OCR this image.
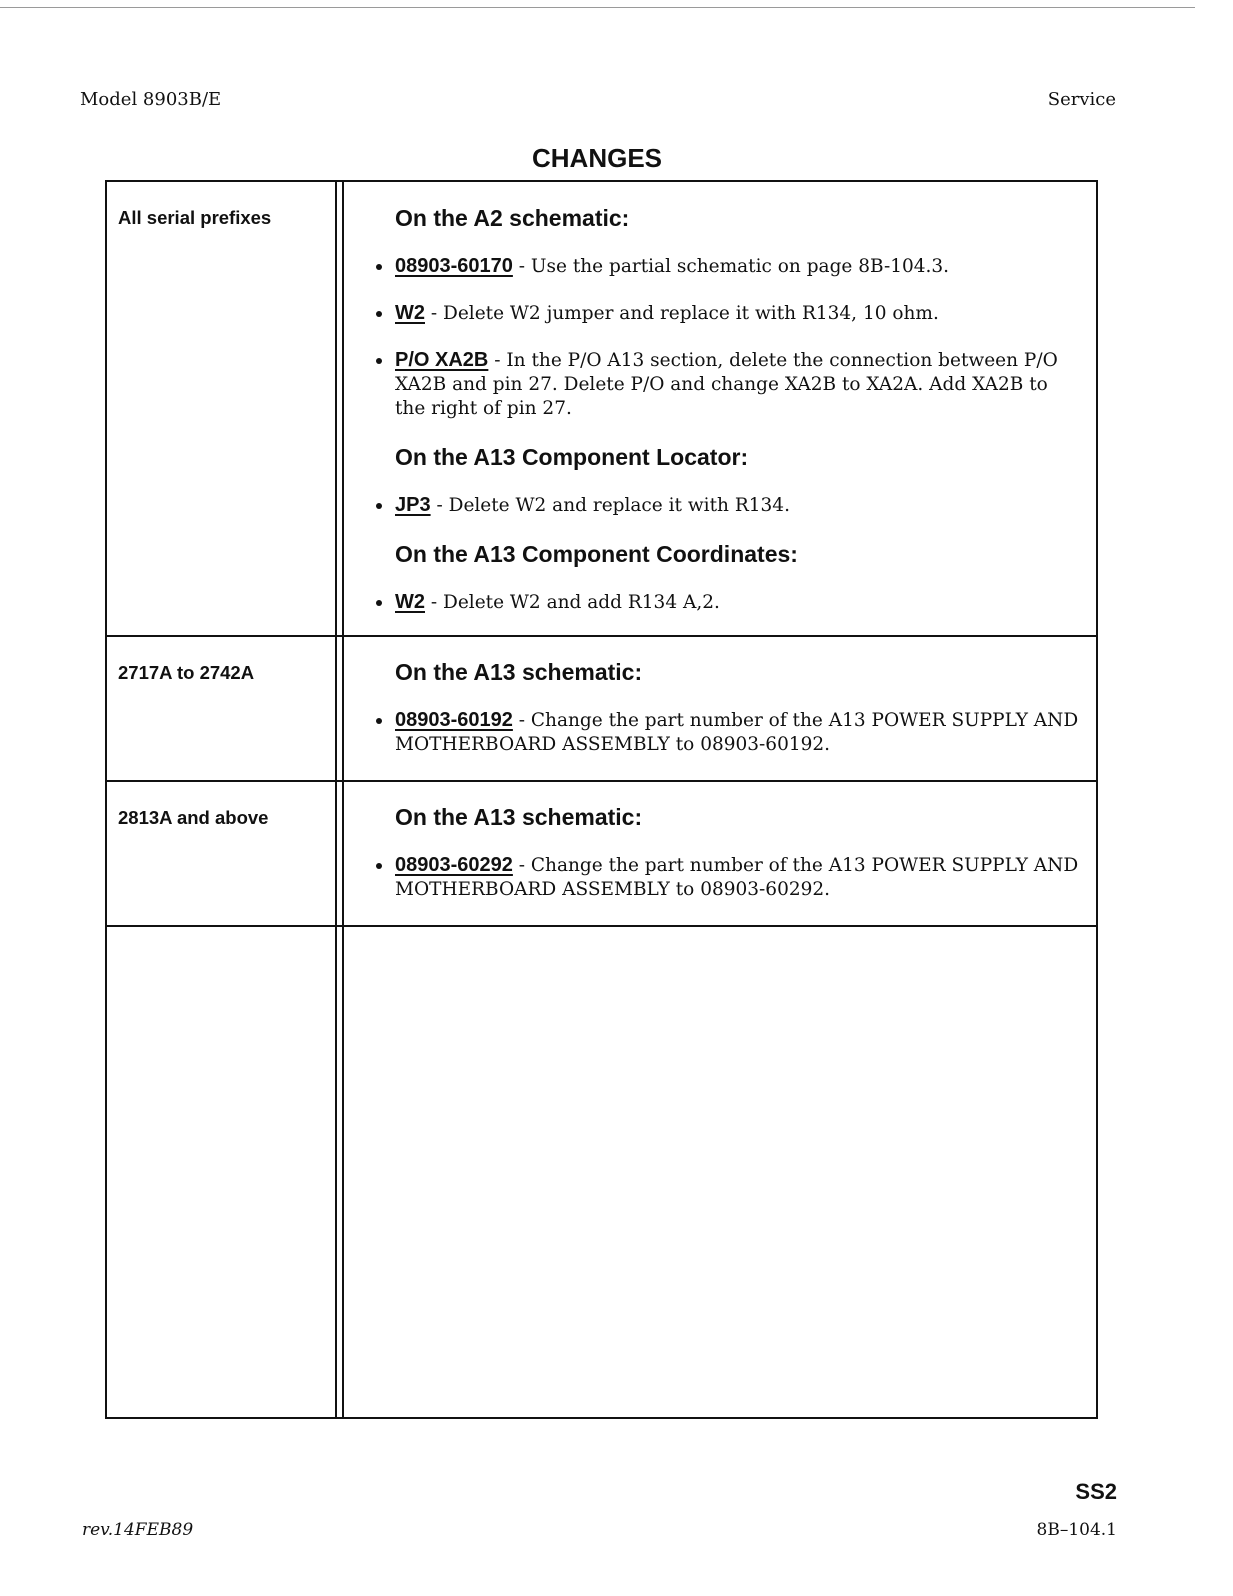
Model 8903B/E	Service
CHANGES
All serial prefixes	On the A2 schematic:
08903-60170 - Use the partial schematic on page 8B-104.3.
W2 - Delete W2 jumper and replace it with R134, 10 ohm.
P/O XA2B - In the P/O A13 section, delete the connection between P/O
XA2B and pin 27. Delete P/O and change XA2B to XA2A. Add XA2B to
the right of pin 27.
On the A13 Component Locator:
JP3 - Delete W2 and replace it with R134.
On the A13 Component Coordinates:
W2 - Delete W2 and add R134 A,2.
2717A to 2742A	On the A13 schematic:
08903-60192 - Change the part number of the A13 POWER SUPPLY AND
MOTHERBOARD ASSEMBLY to 08903-60192.
2813A and above	On the A13 schematic:
08903-60292 - Change the part number of the A13 POWER SUPPLY AND
MOTHERBOARD ASSEMBLY to 08903-60292.
SS2
rev.14FEB89	8B–104.1
